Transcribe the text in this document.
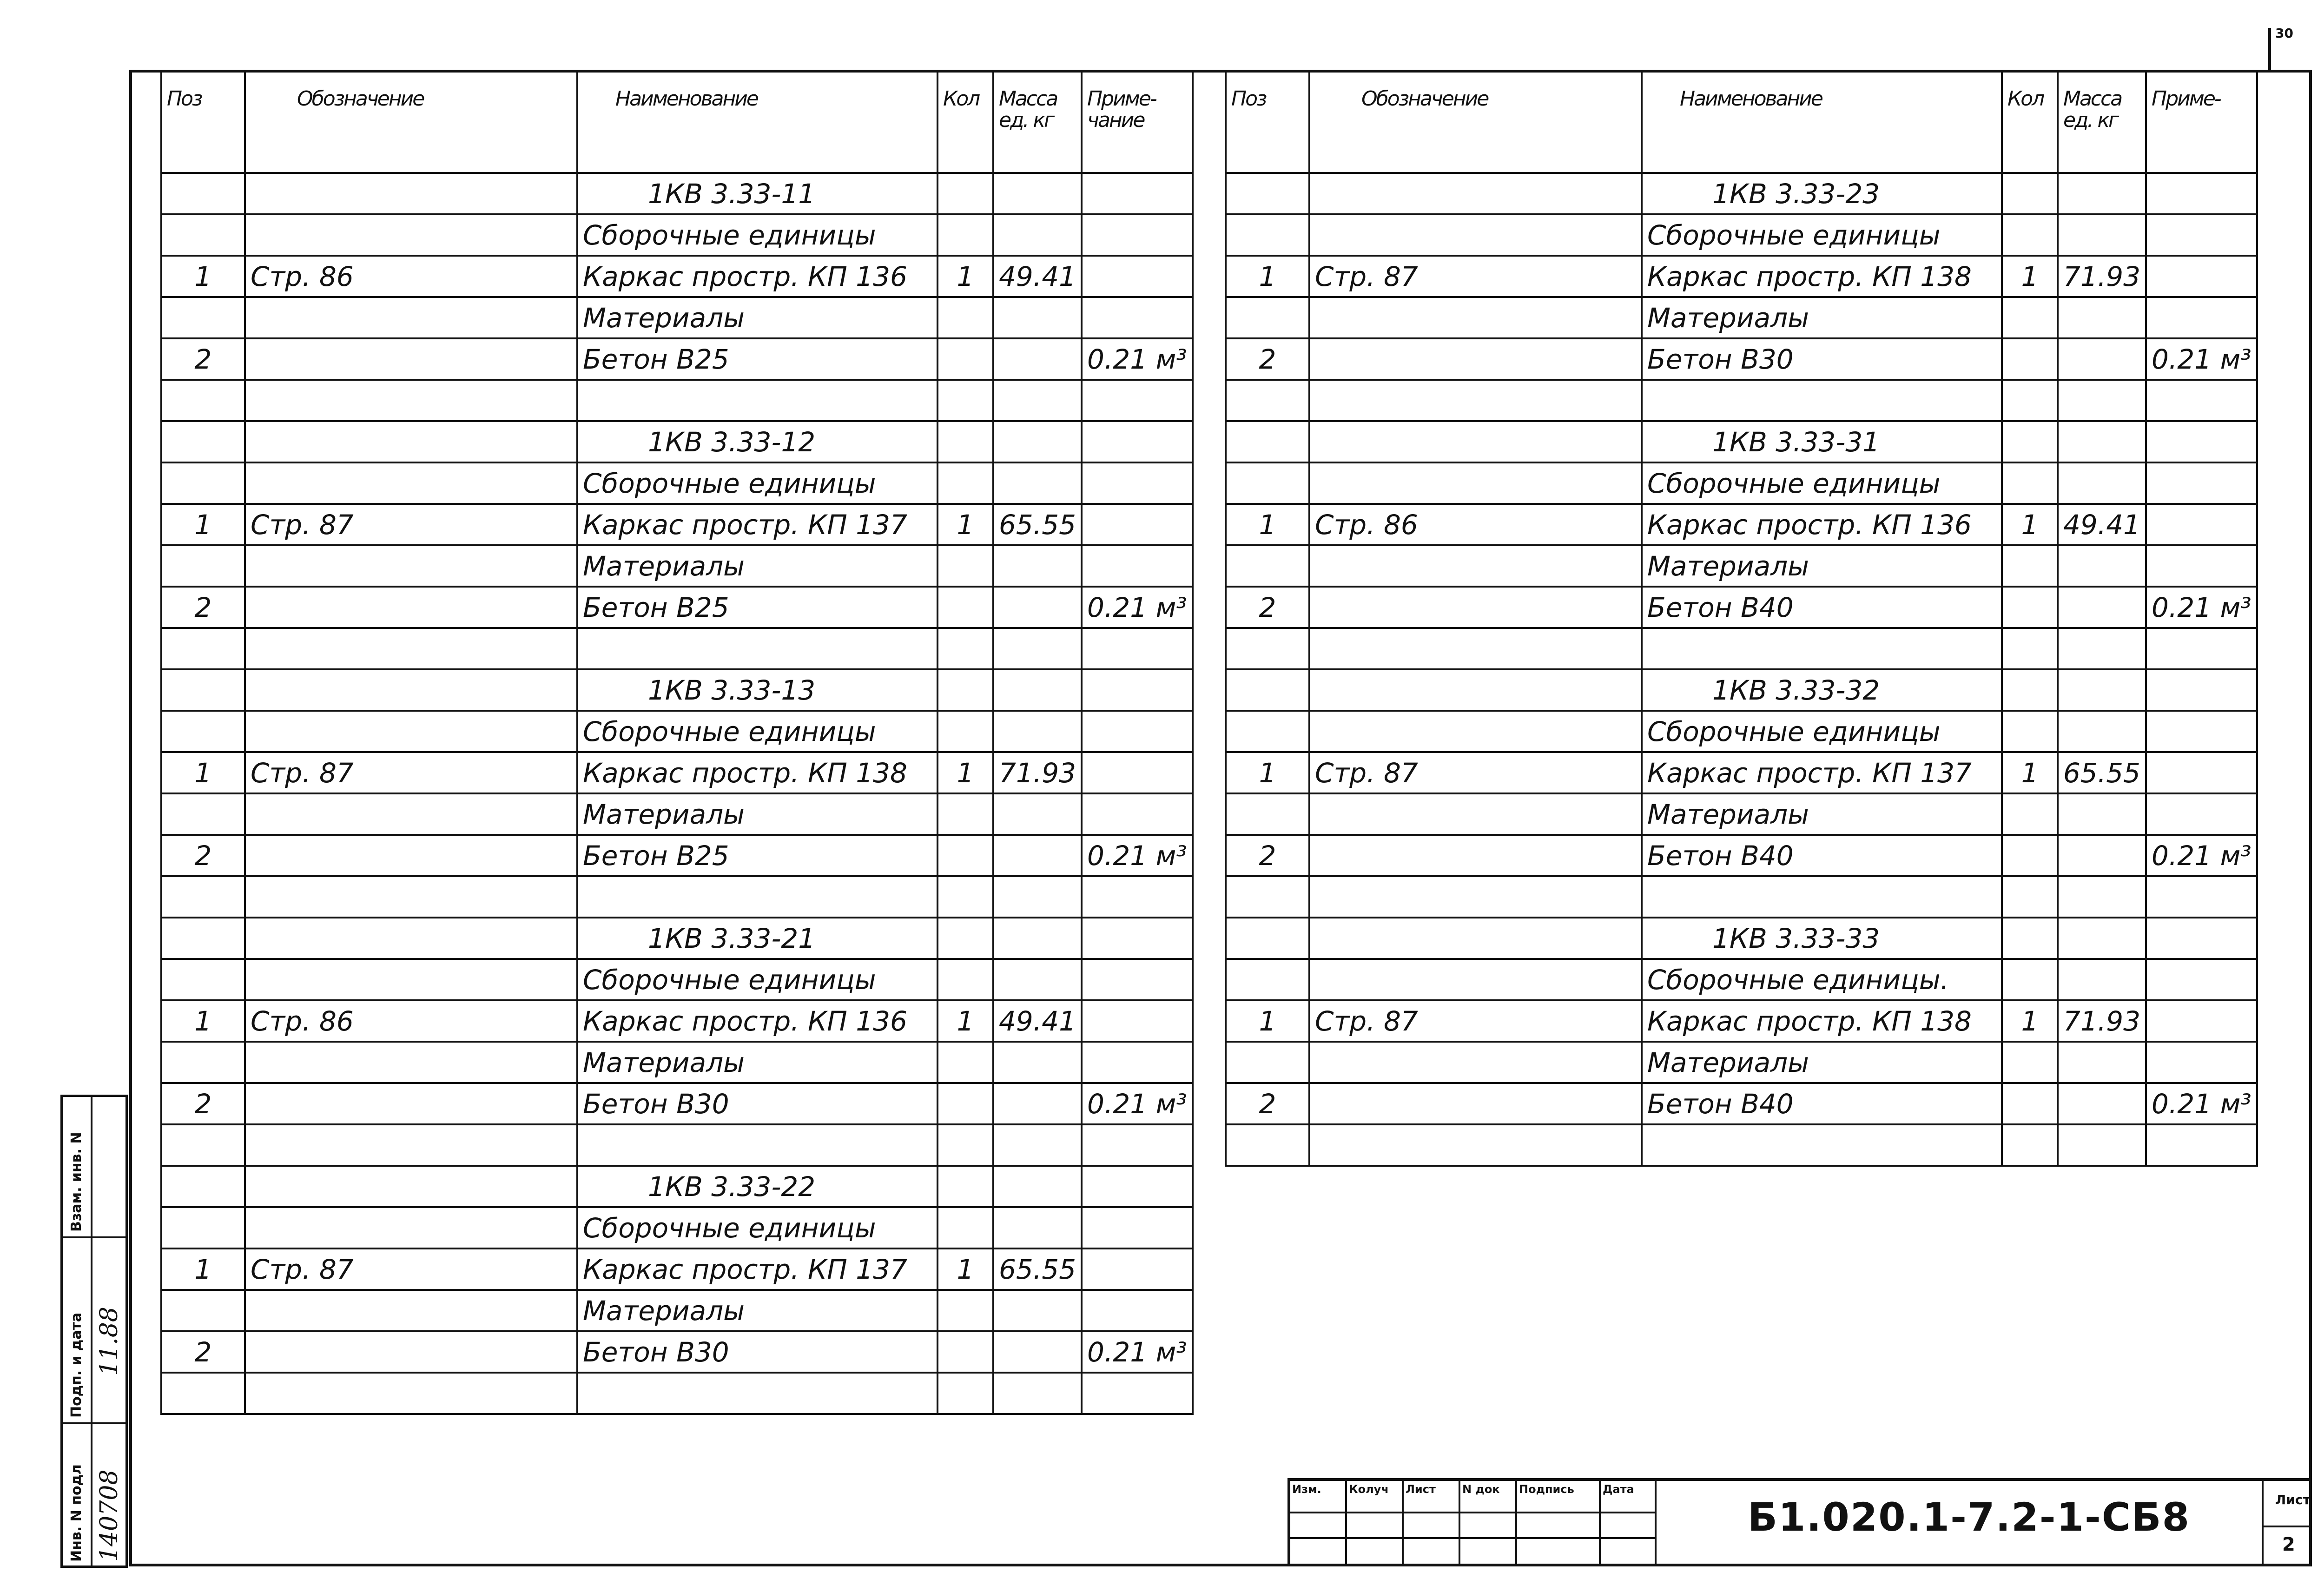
30
Поз	Обозначение	Наименование	Кол	Масса ед. кг	Приме- чание
		1КВ 3.33-11			
		Сборочные единицы			
1	Стр. 86	Каркас простр. КП 136	1	49.41	
		Материалы			
2		Бетон В25			0.21 м³

		1КВ 3.33-12			
		Сборочные единицы			
1	Стр. 87	Каркас простр. КП 137	1	65.55	
		Материалы			
2		Бетон В25			0.21 м³

		1КВ 3.33-13			
		Сборочные единицы			
1	Стр. 87	Каркас простр. КП 138	1	71.93	
		Материалы			
2		Бетон В25			0.21 м³

		1КВ 3.33-21			
		Сборочные единицы			
1	Стр. 86	Каркас простр. КП 136	1	49.41	
		Материалы			
2		Бетон В30			0.21 м³

		1КВ 3.33-22			
		Сборочные единицы			
1	Стр. 87	Каркас простр. КП 137	1	65.55	
		Материалы			
2		Бетон В30			0.21 м³

Поз	Обозначение	Наименование	Кол	Масса ед. кг	Приме-
		1КВ 3.33-23			
		Сборочные единицы			
1	Стр. 87	Каркас простр. КП 138	1	71.93	
		Материалы			
2		Бетон В30			0.21 м³

		1КВ 3.33-31			
		Сборочные единицы			
1	Стр. 86	Каркас простр. КП 136	1	49.41	
		Материалы			
2		Бетон В40			0.21 м³

		1КВ 3.33-32			
		Сборочные единицы			
1	Стр. 87	Каркас простр. КП 137	1	65.55	
		Материалы			
2		Бетон В40			0.21 м³

		1КВ 3.33-33			
		Сборочные единицы.			
1	Стр. 87	Каркас простр. КП 138	1	71.93	
		Материалы			
2		Бетон В40			0.21 м³

Взам. инв. N
Подп. и дата
Инв. N подл
11.88
140708	Изм.	Колуч	Лист	N док	Подпись	Дата
Б1.020.1-7.2-1-СБ8	Лист
2
